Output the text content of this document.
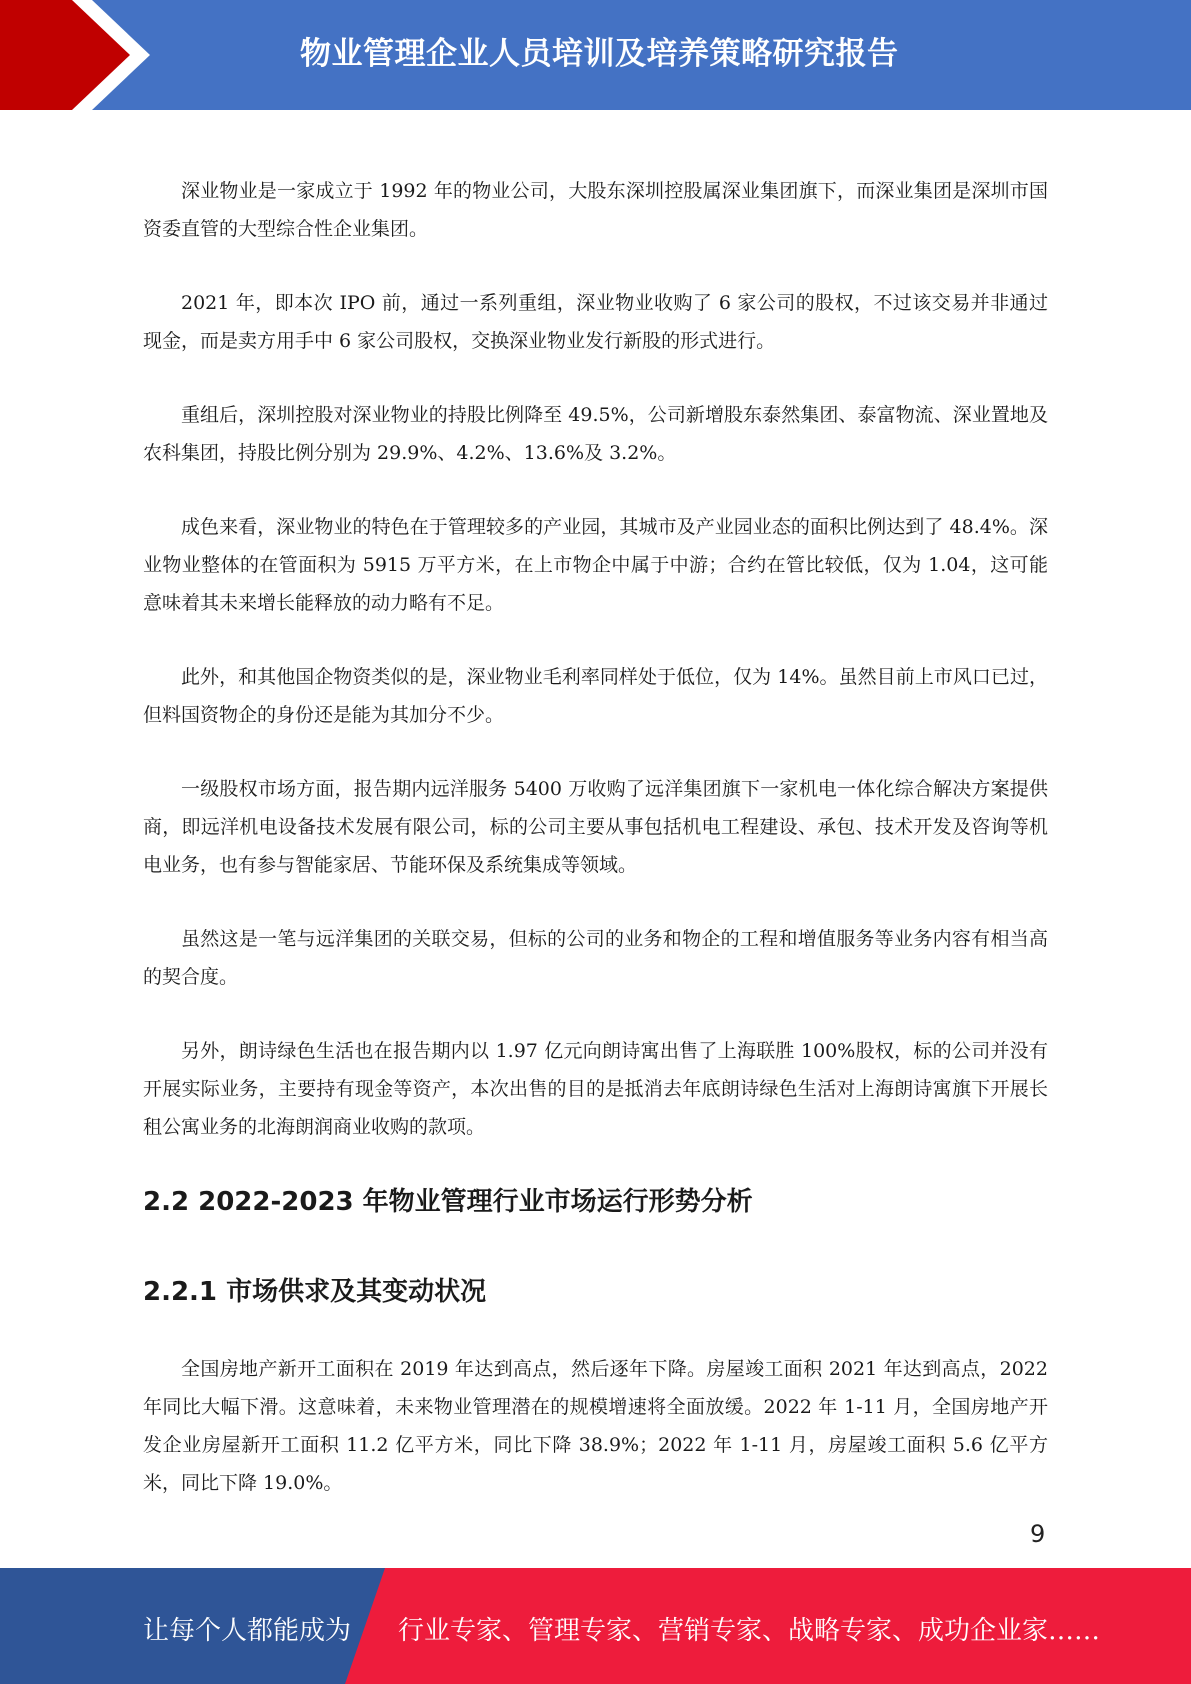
物业管理企业人员培训及培养策略研究报告

深业物业是一家成立于 1992 年的物业公司，大股东深圳控股属深业集团旗下，而深业集团是深圳市国资委直管的大型综合性企业集团。

2021 年，即本次 IPO 前，通过一系列重组，深业物业收购了 6 家公司的股权，不过该交易并非通过现金，而是卖方用手中 6 家公司股权，交换深业物业发行新股的形式进行。

重组后，深圳控股对深业物业的持股比例降至 49.5%，公司新增股东泰然集团、泰富物流、深业置地及农科集团，持股比例分别为 29.9%、4.2%、13.6%及 3.2%。

成色来看，深业物业的特色在于管理较多的产业园，其城市及产业园业态的面积比例达到了 48.4%。深业物业整体的在管面积为 5915 万平方米，在上市物企中属于中游；合约在管比较低，仅为 1.04，这可能意味着其未来增长能释放的动力略有不足。

此外，和其他国企物资类似的是，深业物业毛利率同样处于低位，仅为 14%。虽然目前上市风口已过，但料国资物企的身份还是能为其加分不少。

一级股权市场方面，报告期内远洋服务 5400 万收购了远洋集团旗下一家机电一体化综合解决方案提供商，即远洋机电设备技术发展有限公司，标的公司主要从事包括机电工程建设、承包、技术开发及咨询等机电业务，也有参与智能家居、节能环保及系统集成等领域。

虽然这是一笔与远洋集团的关联交易，但标的公司的业务和物企的工程和增值服务等业务内容有相当高的契合度。

另外，朗诗绿色生活也在报告期内以 1.97 亿元向朗诗寓出售了上海联胜 100%股权，标的公司并没有开展实际业务，主要持有现金等资产，本次出售的目的是抵消去年底朗诗绿色生活对上海朗诗寓旗下开展长租公寓业务的北海朗润商业收购的款项。

2.2 2022-2023 年物业管理行业市场运行形势分析
2.2.1 市场供求及其变动状况

全国房地产新开工面积在 2019 年达到高点，然后逐年下降。房屋竣工面积 2021 年达到高点，2022 年同比大幅下滑。这意味着，未来物业管理潜在的规模增速将全面放缓。2022 年 1-11 月，全国房地产开发企业房屋新开工面积 11.2 亿平方米，同比下降 38.9%；2022 年 1-11 月，房屋竣工面积 5.6 亿平方米，同比下降 19.0%。

9
让每个人都能成为 行业专家、管理专家、营销专家、战略专家、成功企业家……
